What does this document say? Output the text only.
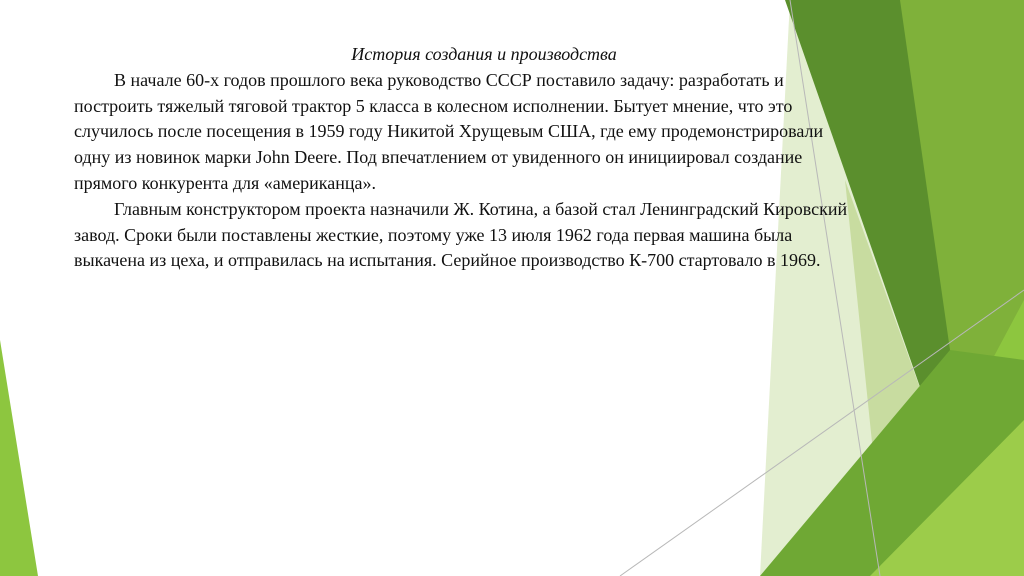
История создания и производства

В начале 60-х годов прошлого века руководство СССР поставило задачу: разработать и построить тяжелый тяговой трактор 5 класса в колесном исполнении. Бытует мнение, что это случилось после посещения в 1959 году Никитой Хрущевым США, где ему продемонстрировали одну из новинок марки John Deere. Под впечатлением от увиденного он инициировал создание прямого конкурента для «американца».

Главным конструктором проекта назначили Ж. Котина, а базой стал Ленинградский Кировский завод. Сроки были поставлены жесткие, поэтому уже 13 июля 1962 года первая машина была выкачена из цеха, и отправилась на испытания. Серийное производство К-700 стартовало в 1969.
